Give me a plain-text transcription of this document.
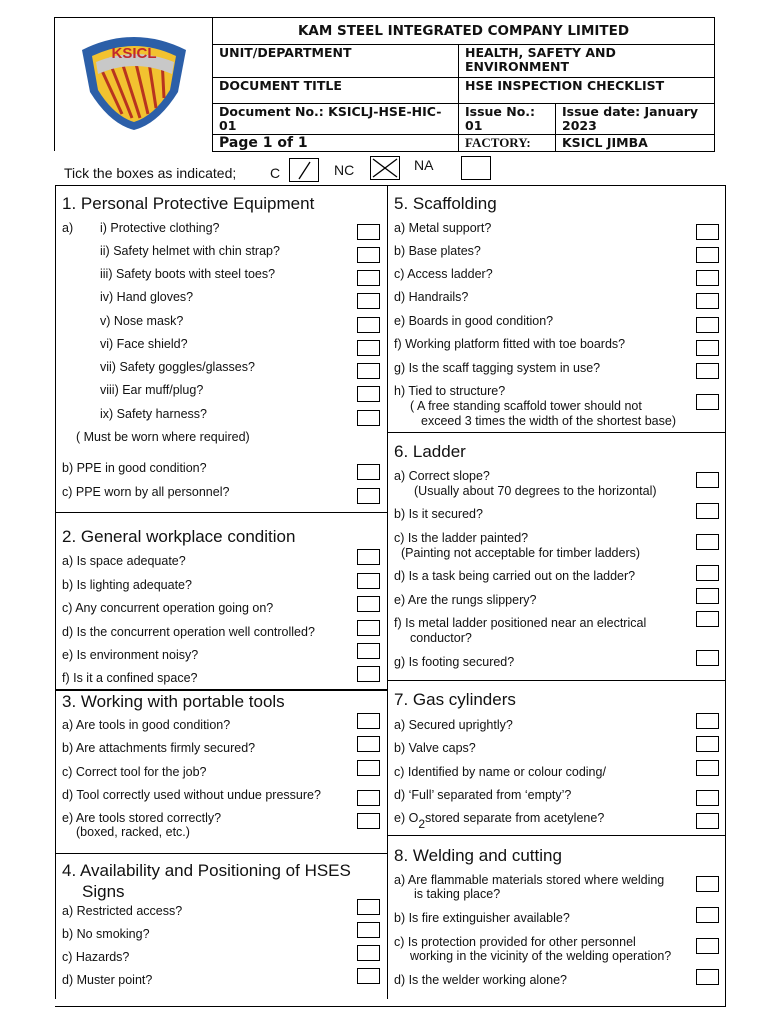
KSICL
KAM STEEL INTEGRATED COMPANY LIMITED		
UNIT/DEPARTMENT	HEALTH, SAFETY AND ENVIRONMENT	
DOCUMENT TITLE	HSE INSPECTION CHECKLIST	
Document No.: KSICLJ-HSE-HIC-01	Issue No.: 01	Issue date: January 2023
Page 1 of 1	FACTORY:	KSICL JIMBA
Tick the boxes as indicated; C	NC	NA
1. Personal Protective Equipment
a) i) Protective clothing?
ii) Safety helmet with chin strap?
iii) Safety boots with steel toes?
iv) Hand gloves?
v) Nose mask?
vi) Face shield?
vii) Safety goggles/glasses?
viii) Ear muff/plug?
ix) Safety harness?
( Must be worn where required)
b) PPE in good condition?
c) PPE worn by all personnel?
2. General workplace condition
a) Is space adequate?
b) Is lighting adequate?
c) Any concurrent operation going on?
d) Is the concurrent operation well controlled?
e) Is environment noisy?
f) Is it a confined space?
3. Working with portable tools
a) Are tools in good condition?
b) Are attachments firmly secured?
c) Correct tool for the job?
d) Tool correctly used without undue pressure?
e) Are tools stored correctly?
(boxed, racked, etc.)
4. Availability and Positioning of HSES
Signs
a) Restricted access?
b) No smoking?
c) Hazards?
d) Muster point?
5. Scaffolding
a) Metal support?
b) Base plates?
c) Access ladder?
d) Handrails?
e) Boards in good condition?
f) Working platform fitted with toe boards?
g) Is the scaff tagging system in use?
h) Tied to structure?
( A free standing scaffold tower should not
exceed 3 times the width of the shortest base)
6. Ladder
a) Correct slope?
(Usually about 70 degrees to the horizontal)
b) Is it secured?
c) Is the ladder painted?
(Painting not acceptable for timber ladders)
d) Is a task being carried out on the ladder?
e) Are the rungs slippery?
f) Is metal ladder positioned near an electrical
conductor?
g) Is footing secured?
7. Gas cylinders
a) Secured uprightly?
b) Valve caps?
c) Identified by name or colour coding/
d) ‘Full’ separated from ‘empty’?
e) $O_2stored$ separate from acetylene?
8. Welding and cutting
a) Are flammable materials stored where welding
is taking place?
b) Is fire extinguisher available?
c) Is protection provided for other personnel
working in the vicinity of the welding operation?
d) Is the welder working alone?
